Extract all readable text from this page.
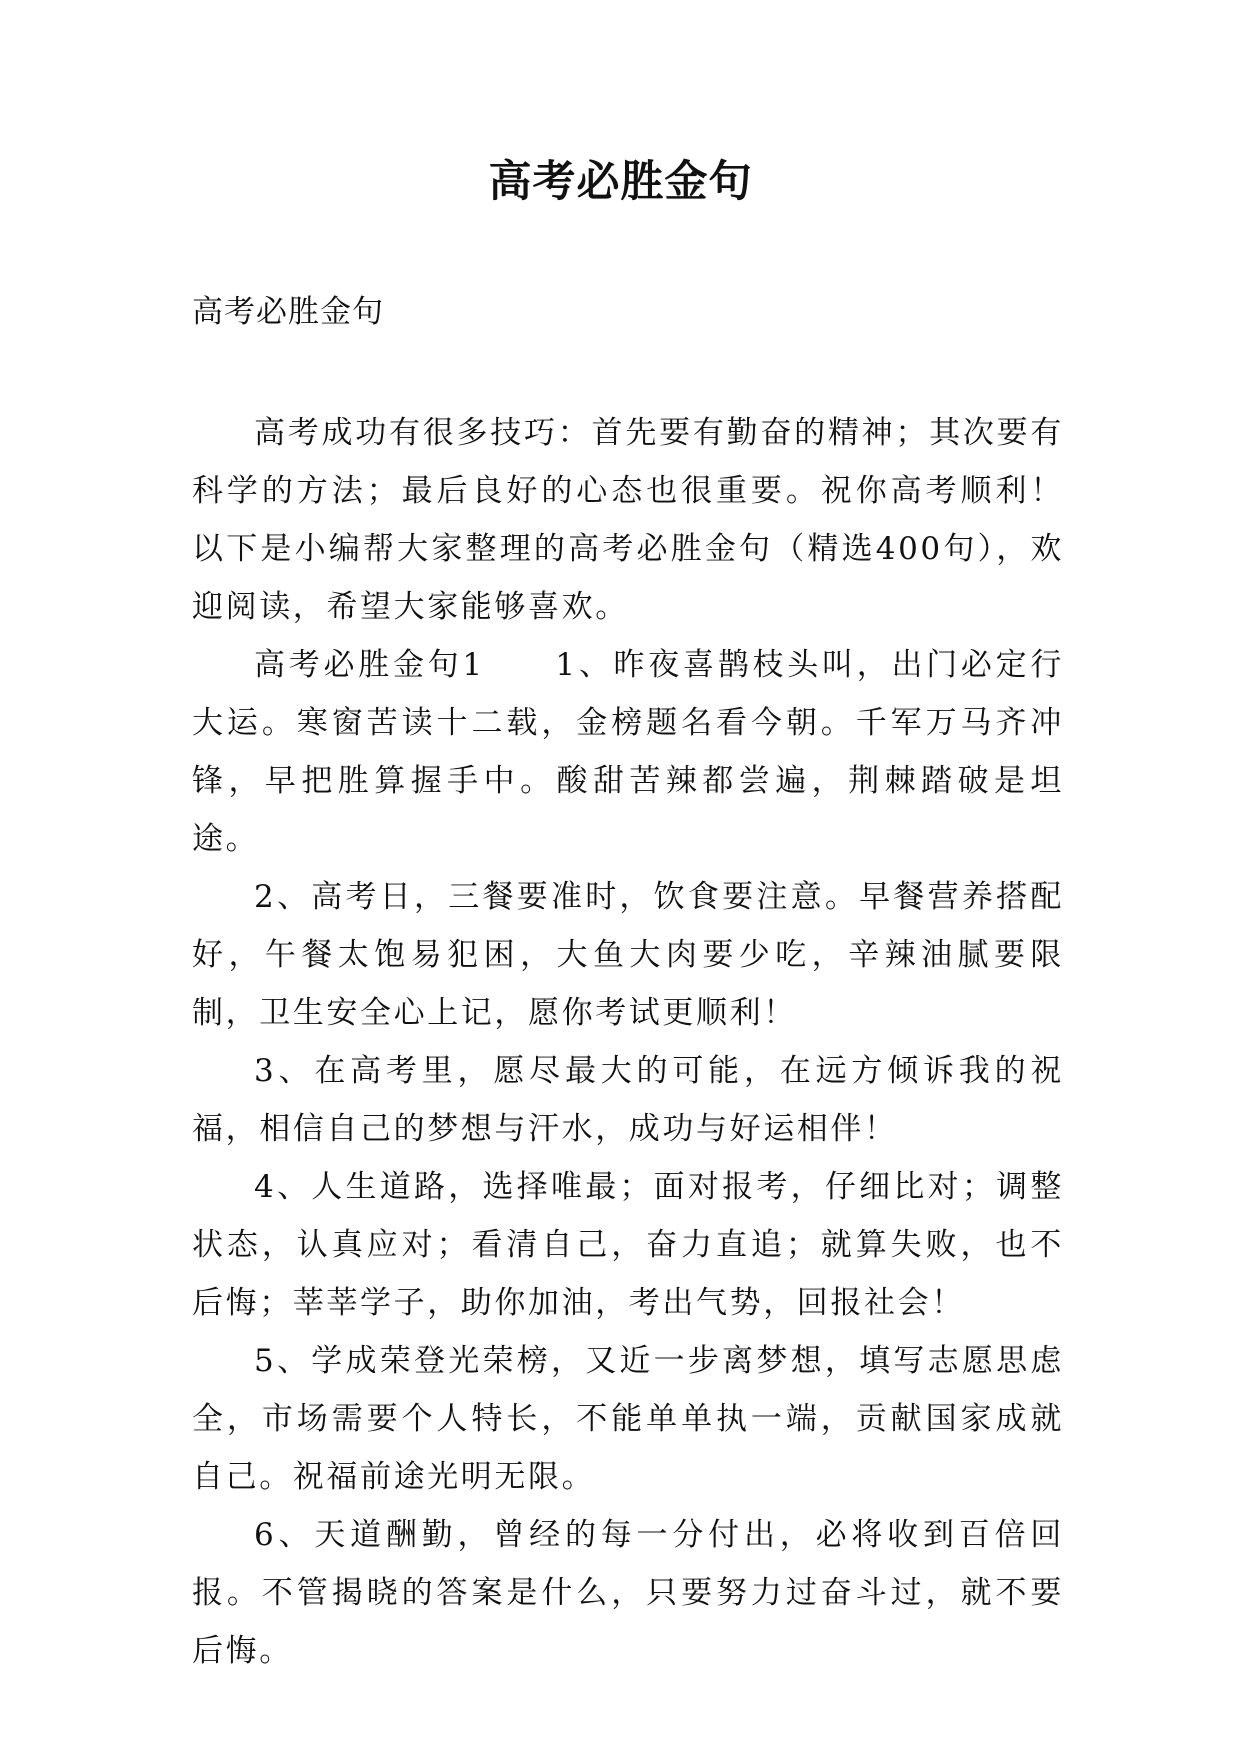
高考必胜金句

高考必胜金句

高考成功有很多技巧：首先要有勤奋的精神；其次要有科学的方法；最后良好的心态也很重要。祝你高考顺利！以下是小编帮大家整理的高考必胜金句（精选400句），欢迎阅读，希望大家能够喜欢。

高考必胜金句1　　1、昨夜喜鹊枝头叫，出门必定行大运。寒窗苦读十二载，金榜题名看今朝。千军万马齐冲锋，早把胜算握手中。酸甜苦辣都尝遍，荆棘踏破是坦途。

2、高考日，三餐要准时，饮食要注意。早餐营养搭配好，午餐太饱易犯困，大鱼大肉要少吃，辛辣油腻要限制，卫生安全心上记，愿你考试更顺利！

3、在高考里，愿尽最大的可能，在远方倾诉我的祝福，相信自己的梦想与汗水，成功与好运相伴！

4、人生道路，选择唯最；面对报考，仔细比对；调整状态，认真应对；看清自己，奋力直追；就算失败，也不后悔；莘莘学子，助你加油，考出气势，回报社会！

5、学成荣登光荣榜，又近一步离梦想，填写志愿思虑全，市场需要个人特长，不能单单执一端，贡献国家成就自己。祝福前途光明无限。

6、天道酬勤，曾经的每一分付出，必将收到百倍回报。不管揭晓的答案是什么，只要努力过奋斗过，就不要后悔。
